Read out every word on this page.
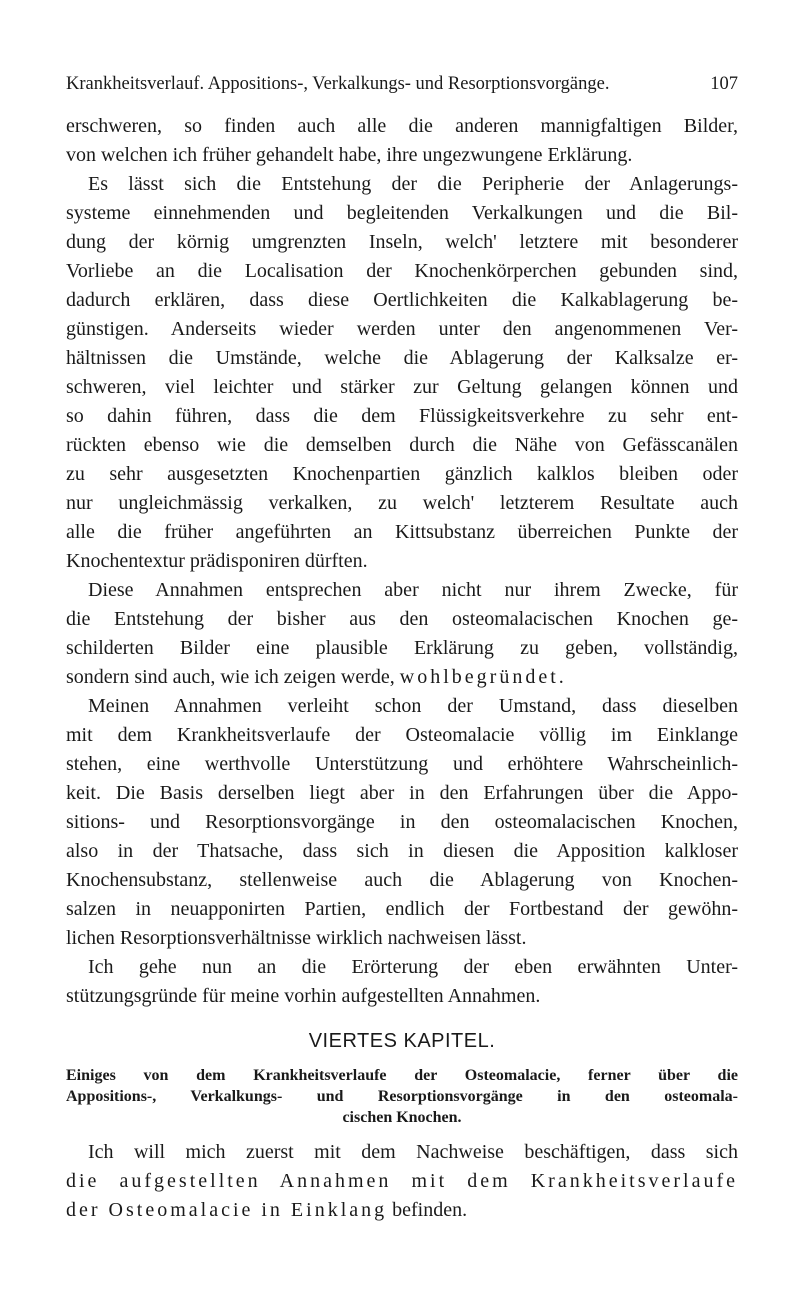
Krankheitsverlauf. Appositions-, Verkalkungs- und Resorptionsvorgänge.	107
erschweren, so finden auch alle die anderen mannigfaltigen Bilder,
von welchen ich früher gehandelt habe, ihre ungezwungene Erklärung.
Es lässt sich die Entstehung der die Peripherie der Anlagerungs-
systeme einnehmenden und begleitenden Verkalkungen und die Bil-
dung der körnig umgrenzten Inseln, welch' letztere mit besonderer
Vorliebe an die Localisation der Knochenkörperchen gebunden sind,
dadurch erklären, dass diese Oertlichkeiten die Kalkablagerung be-
günstigen. Anderseits wieder werden unter den angenommenen Ver-
hältnissen die Umstände, welche die Ablagerung der Kalksalze er-
schweren, viel leichter und stärker zur Geltung gelangen können und
so dahin führen, dass die dem Flüssigkeitsverkehre zu sehr ent-
rückten ebenso wie die demselben durch die Nähe von Gefässcanälen
zu sehr ausgesetzten Knochenpartien gänzlich kalklos bleiben oder
nur ungleichmässig verkalken, zu welch' letzterem Resultate auch
alle die früher angeführten an Kittsubstanz überreichen Punkte der
Knochentextur prädisponiren dürften.
Diese Annahmen entsprechen aber nicht nur ihrem Zwecke, für
die Entstehung der bisher aus den osteomalacischen Knochen ge-
schilderten Bilder eine plausible Erklärung zu geben, vollständig,
sondern sind auch, wie ich zeigen werde, wohlbegründet.
Meinen Annahmen verleiht schon der Umstand, dass dieselben
mit dem Krankheitsverlaufe der Osteomalacie völlig im Einklange
stehen, eine werthvolle Unterstützung und erhöhtere Wahrscheinlich-
keit. Die Basis derselben liegt aber in den Erfahrungen über die Appo-
sitions- und Resorptionsvorgänge in den osteomalacischen Knochen,
also in der Thatsache, dass sich in diesen die Apposition kalkloser
Knochensubstanz, stellenweise auch die Ablagerung von Knochen-
salzen in neuapponirten Partien, endlich der Fortbestand der gewöhn-
lichen Resorptionsverhältnisse wirklich nachweisen lässt.
Ich gehe nun an die Erörterung der eben erwähnten Unter-
stützungsgründe für meine vorhin aufgestellten Annahmen.
VIERTES KAPITEL.
Einiges von dem Krankheitsverlaufe der Osteomalacie, ferner über die
Appositions-, Verkalkungs- und Resorptionsvorgänge in den osteomala-
cischen Knochen.
Ich will mich zuerst mit dem Nachweise beschäftigen, dass sich
die aufgestellten Annahmen mit dem Krankheitsverlaufe
der Osteomalacie in Einklang befinden.
